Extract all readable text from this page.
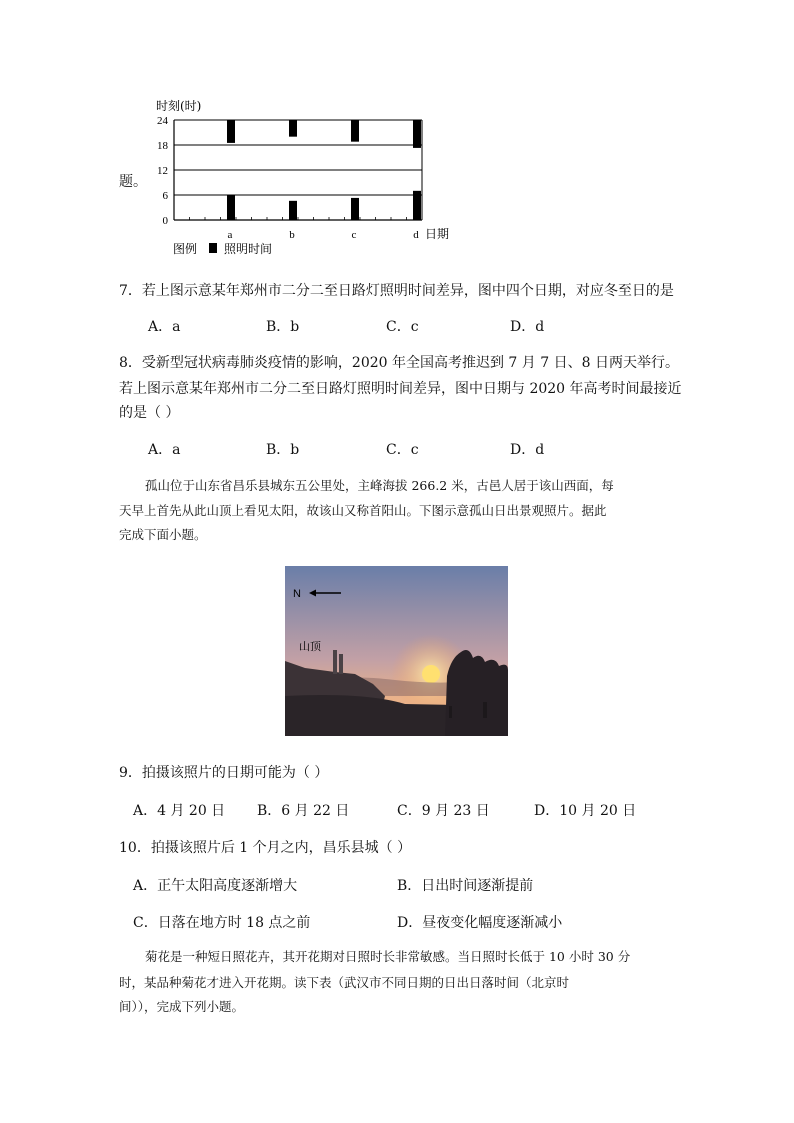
题。
时刻(时)
0
6
12
18
24
a	b	c	d 日期
图例 照明时间
7．若上图示意某年郑州市二分二至日路灯照明时间差异，图中四个日期，对应冬至日的是
A．a	B．b	C．c	D．d
8．受新型冠状病毒肺炎疫情的影响，2020 年全国高考推迟到 7 月 7 日、8 日两天举行。
若上图示意某年郑州市二分二至日路灯照明时间差异，图中日期与 2020 年高考时间最接近
的是（ ）
A．a	B．b	C．c	D．d
孤山位于山东省昌乐县城东五公里处，主峰海拔 266.2 米，古邑人居于该山西面，每
天早上首先从此山顶上看见太阳，故该山又称首阳山。下图示意孤山日出景观照片。据此
完成下面小题。
N
山顶
9．拍摄该照片的日期可能为（ ）
A．4 月 20 日 B．6 月 22 日	C．9 月 23 日	D．10 月 20 日
10．拍摄该照片后 1 个月之内，昌乐县城（ ）
A．正午太阳高度逐渐增大	B．日出时间逐渐提前
C．日落在地方时 18 点之前	D．昼夜变化幅度逐渐减小
菊花是一种短日照花卉，其开花期对日照时长非常敏感。当日照时长低于 10 小时 30 分
时，某品种菊花才进入开花期。读下表（武汉市不同日期的日出日落时间（北京时
间）），完成下列小题。
